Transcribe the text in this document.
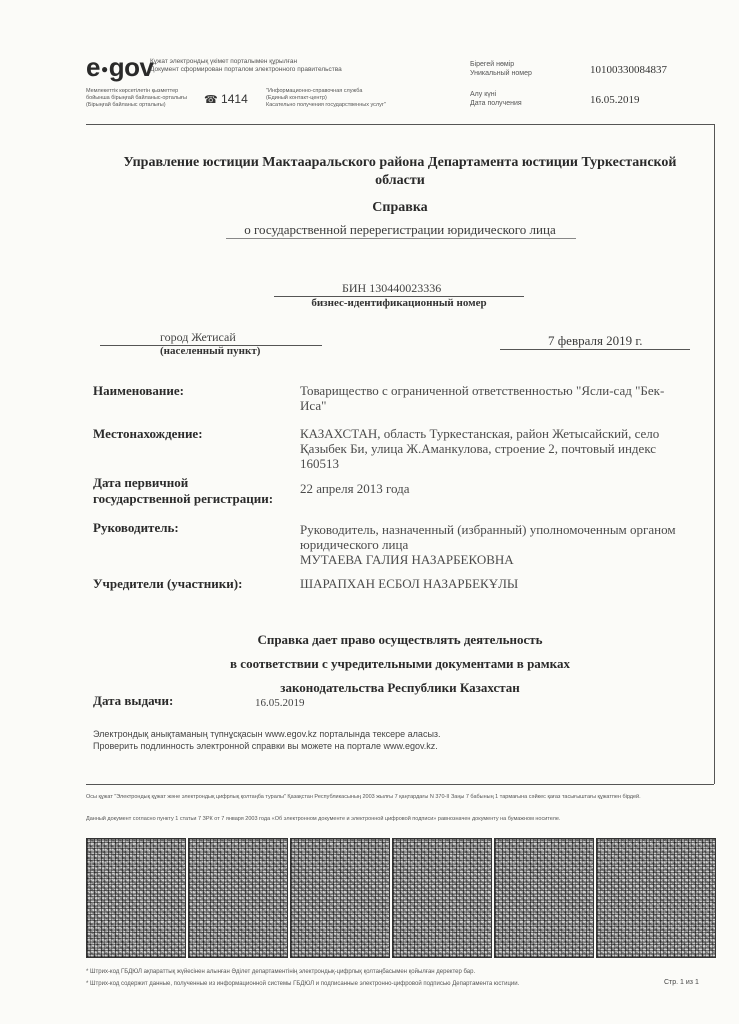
e●gov
Құжат электрондық үкімет порталымен құрылған
Документ сформирован порталом электронного правительства
Мемлекеттік көрсетілетін қызметтер
бойынша бірыңғай байланыс-орталығы
(Бірыңғай байланыс орталығы)	☎ 1414
"Информационно-справочная служба
(Единый контакт-центр)
Касательно получения государственных услуг"
Бірегей нөмір
Уникальный номер	10100330084837
Алу күні
Дата получения	16.05.2019
Управление юстиции Мактааральского района Департамента юстиции Туркестанской
области
Справка
о государственной перерегистрации юридического лица
БИН 130440023336
бизнес-идентификационный номер
город Жетисай
(населенный пункт)
7 февраля 2019 г.
Наименование:	Товарищество с ограниченной ответственностью "Ясли-сад "Бек-
Иса"
Местонахождение:	КАЗАХСТАН, область Туркестанская, район Жетысайский, село
Қазыбек Би, улица Ж.Аманкулова, строение 2, почтовый индекс
160513
Дата первичной
государственной регистрации:
22 апреля 2013 года
Руководитель:	Руководитель, назначенный (избранный) уполномоченным органом
юридического лица
МУТАЕВА ГАЛИЯ НАЗАРБЕКОВНА
Учредители (участники):	ШАРАПХАН ЕСБОЛ НАЗАРБЕКҰЛЫ
Справка дает право осуществлять деятельность
в соответствии с учредительными документами в рамках
законодательства Республики Казахстан
Дата выдачи:	16.05.2019
Электрондық анықтаманың түпнұсқасын www.egov.kz порталында тексере аласыз.
Проверить подлинность электронной справки вы можете на портале www.egov.kz.
Осы құжат "Электрондық құжат және электрондық цифрлық қолтаңба туралы" Қазақстан Республикасының 2003 жылғы 7 қаңтардағы N 370-II Заңы 7 бабының 1 тармағына сәйкес қағаз тасығыштағы құжатпен бірдей.
Данный документ согласно пункту 1 статьи 7 ЗРК от 7 января 2003 года «Об электронном документе и электронной цифровой подписи» равнозначен документу на бумажном носителе.
* Штрих-код ГБДЮЛ ақпараттық жүйесінен алынған Әділет департаментінің электрондық-цифрлық қолтаңбасымен қойылған деректер бар.
* Штрих-код содержит данные, полученные из информационной системы ГБДЮЛ и подписанные электронно-цифровой подписью Департамента юстиции.	Стр. 1 из 1
